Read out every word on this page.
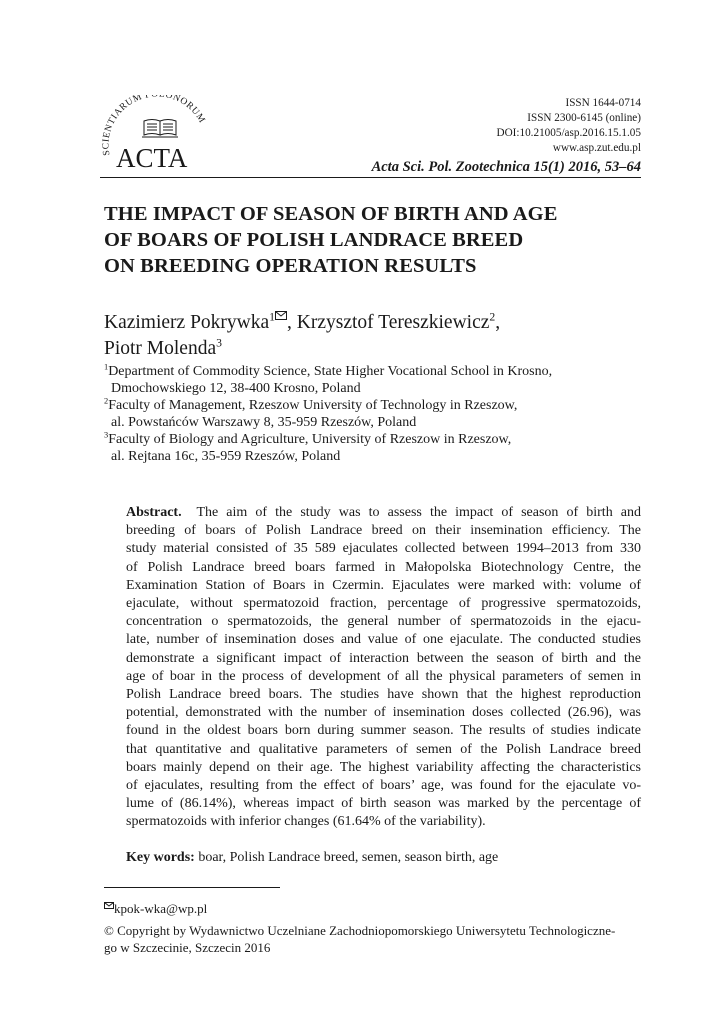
SCIENTIARUM P ONORUM
ACTA
ISSN 1644-0714
ISSN 2300-6145 (online)
DOI:10.21005/asp.2016.15.1.05
www.asp.zut.edu.pl
Acta Sci. Pol. Zootechnica 15(1) 2016, 53–64
THE IMPACT OF SEASON OF BIRTH AND AGE
OF BOARS OF POLISH LANDRACE BREED
ON BREEDING OPERATION RESULTS
Kazimierz Pokrywka$^1$ , Krzysztof Tereszkiewicz$^2$,
Piotr Molenda$^3$
$^1$Department of Commodity Science, State Higher Vocational School in Krosno,
Dmochowskiego 12, 38-400 Krosno, Poland
$^2$Faculty of Management, Rzeszow University of Technology in Rzeszow,
al. Powstańców Warszawy 8, 35-959 Rzeszów, Poland
$^3$Faculty of Biology and Agriculture, University of Rzeszow in Rzeszow,
al. Rejtana 16c, 35-959 Rzeszów, Poland
Abstract.  The aim of the study was to assess the impact of season of birth and
breeding of boars of Polish Landrace breed on their insemination efficiency. The
study material consisted of 35 589 ejaculates collected between 1994–2013 from 330
of Polish Landrace breed boars farmed in Małopolska Biotechnology Centre, the
Examination Station of Boars in Czermin. Ejaculates were marked with: volume of
ejaculate, without spermatozoid fraction, percentage of progressive spermatozoids,
concentration o spermatozoids, the general number of spermatozoids in the ejacu-
late, number of insemination doses and value of one ejaculate. The conducted studies
demonstrate a significant impact of interaction between the season of birth and the
age of boar in the process of development of all the physical parameters of semen in
Polish Landrace breed boars. The studies have shown that the highest reproduction
potential, demonstrated with the number of insemination doses collected (26.96), was
found in the oldest boars born during summer season. The results of studies indicate
that quantitative and qualitative parameters of semen of the Polish Landrace breed
boars mainly depend on their age. The highest variability affecting the characteristics
of ejaculates, resulting from the effect of boars’ age, was found for the ejaculate vo-
lume of (86.14%), whereas impact of birth season was marked by the percentage of
spermatozoids with inferior changes (61.64% of the variability).
Key words: boar, Polish Landrace breed, semen, season birth, age
kpok-wka@wp.pl
© Copyright by Wydawnictwo Uczelniane Zachodniopomorskiego Uniwersytetu Technologiczne-
go w Szczecinie, Szczecin 2016
